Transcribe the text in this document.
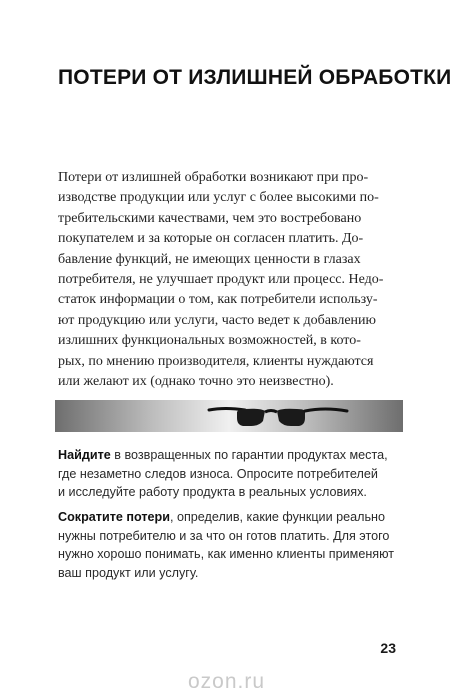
ПОТЕРИ ОТ ИЗЛИШНЕЙ ОБРАБОТКИ
Потери от излишней обработки возникают при про-
изводстве продукции или услуг с более высокими по-
требительскими качествами, чем это востребовано
покупателем и за которые он согласен платить. До-
бавление функций, не имеющих ценности в глазах
потребителя, не улучшает продукт или процесс. Недо-
статок информации о том, как потребители использу-
ют продукцию или услуги, часто ведет к добавлению
излишних функциональных возможностей, в кото-
рых, по мнению производителя, клиенты нуждаются
или желают их (однако точно это неизвестно).
Найдите в возвращенных по гарантии продуктах места,
где незаметно следов износа. Опросите потребителей
и исследуйте работу продукта в реальных условиях.
Сократите потери, определив, какие функции реально
нужны потребителю и за что он готов платить. Для этого
нужно хорошо понимать, как именно клиенты применяют
ваш продукт или услугу.
23
ozon.ru
